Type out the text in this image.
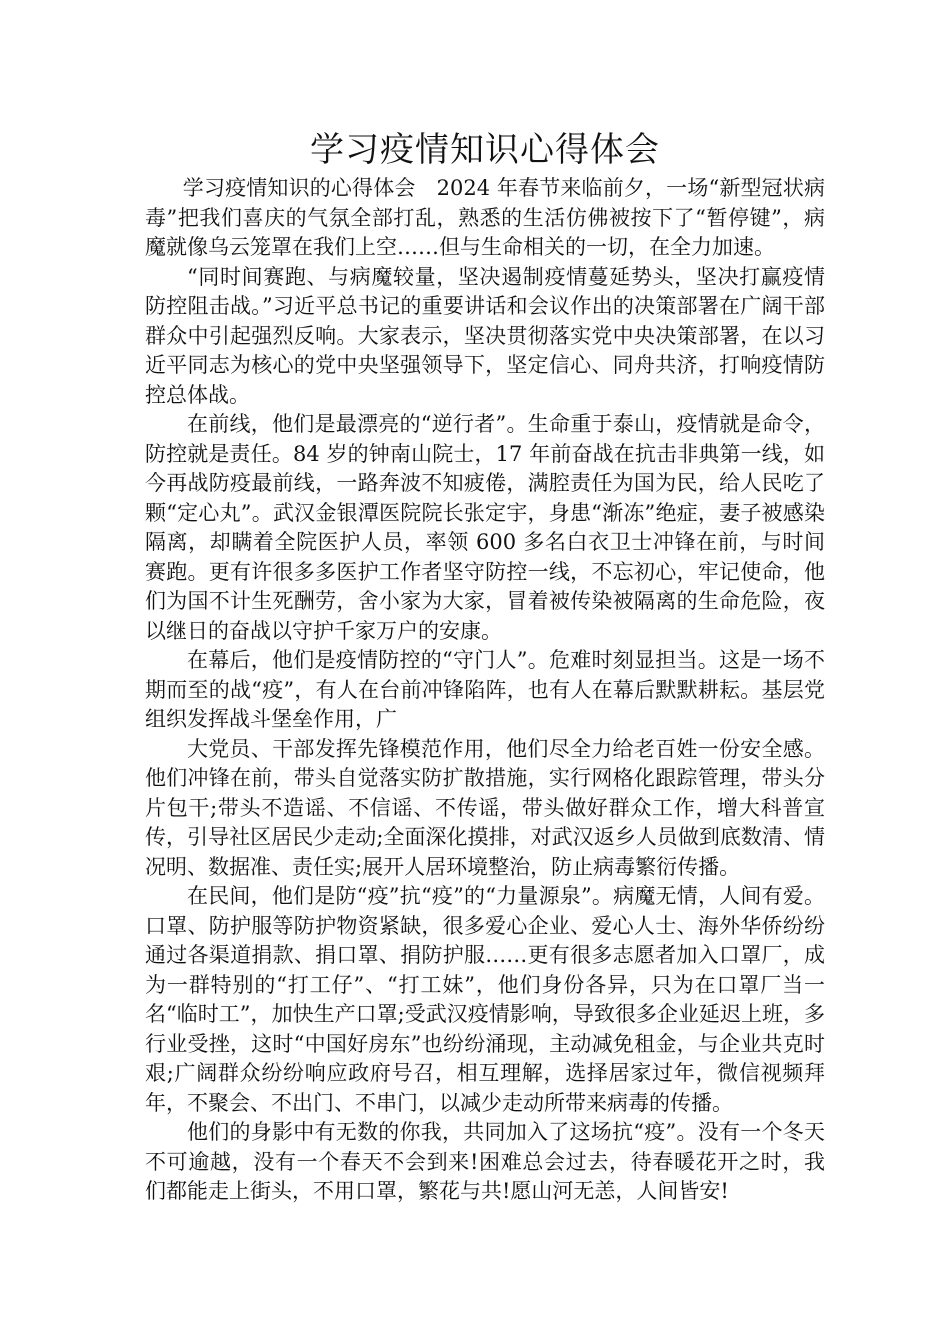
学习疫情知识心得体会

学习疫情知识的心得体会　2024 年春节来临前夕，一场“新型冠状病毒”把我们喜庆的气氛全部打乱，熟悉的生活仿佛被按下了“暂停键”，病魔就像乌云笼罩在我们上空……但与生命相关的一切，在全力加速。

“同时间赛跑、与病魔较量，坚决遏制疫情蔓延势头，坚决打赢疫情防控阻击战。”习近平总书记的重要讲话和会议作出的决策部署在广阔干部群众中引起强烈反响。大家表示，坚决贯彻落实党中央决策部署，在以习近平同志为核心的党中央坚强领导下，坚定信心、同舟共济，打响疫情防控总体战。

在前线，他们是最漂亮的“逆行者”。生命重于泰山，疫情就是命令，防控就是责任。84 岁的钟南山院士，17 年前奋战在抗击非典第一线，如今再战防疫最前线，一路奔波不知疲倦，满腔责任为国为民，给人民吃了颗“定心丸”。武汉金银潭医院院长张定宇，身患“渐冻”绝症，妻子被感染隔离，却瞒着全院医护人员，率领 600 多名白衣卫士冲锋在前，与时间赛跑。更有许很多多医护工作者坚守防控一线，不忘初心，牢记使命，他们为国不计生死酬劳，舍小家为大家，冒着被传染被隔离的生命危险，夜以继日的奋战以守护千家万户的安康。

在幕后，他们是疫情防控的“守门人”。危难时刻显担当。这是一场不期而至的战“疫”，有人在台前冲锋陷阵，也有人在幕后默默耕耘。基层党组织发挥战斗堡垒作用，广

大党员、干部发挥先锋模范作用，他们尽全力给老百姓一份安全感。他们冲锋在前，带头自觉落实防扩散措施，实行网格化跟踪管理，带头分片包干;带头不造谣、不信谣、不传谣，带头做好群众工作，增大科普宣传，引导社区居民少走动;全面深化摸排，对武汉返乡人员做到底数清、情况明、数据准、责任实;展开人居环境整治，防止病毒繁衍传播。

在民间，他们是防“疫”抗“疫”的“力量源泉”。病魔无情，人间有爱。口罩、防护服等防护物资紧缺，很多爱心企业、爱心人士、海外华侨纷纷通过各渠道捐款、捐口罩、捐防护服……更有很多志愿者加入口罩厂，成为一群特别的“打工仔”、“打工妹”，他们身份各异，只为在口罩厂当一名“临时工”，加快生产口罩;受武汉疫情影响，导致很多企业延迟上班，多行业受挫，这时“中国好房东”也纷纷涌现，主动减免租金，与企业共克时艰;广阔群众纷纷响应政府号召，相互理解，选择居家过年，微信视频拜年，不聚会、不出门、不串门，以减少走动所带来病毒的传播。

他们的身影中有无数的你我，共同加入了这场抗“疫”。没有一个冬天不可逾越，没有一个春天不会到来!困难总会过去，待春暖花开之时，我们都能走上街头，不用口罩，繁花与共!愿山河无恙，人间皆安!
